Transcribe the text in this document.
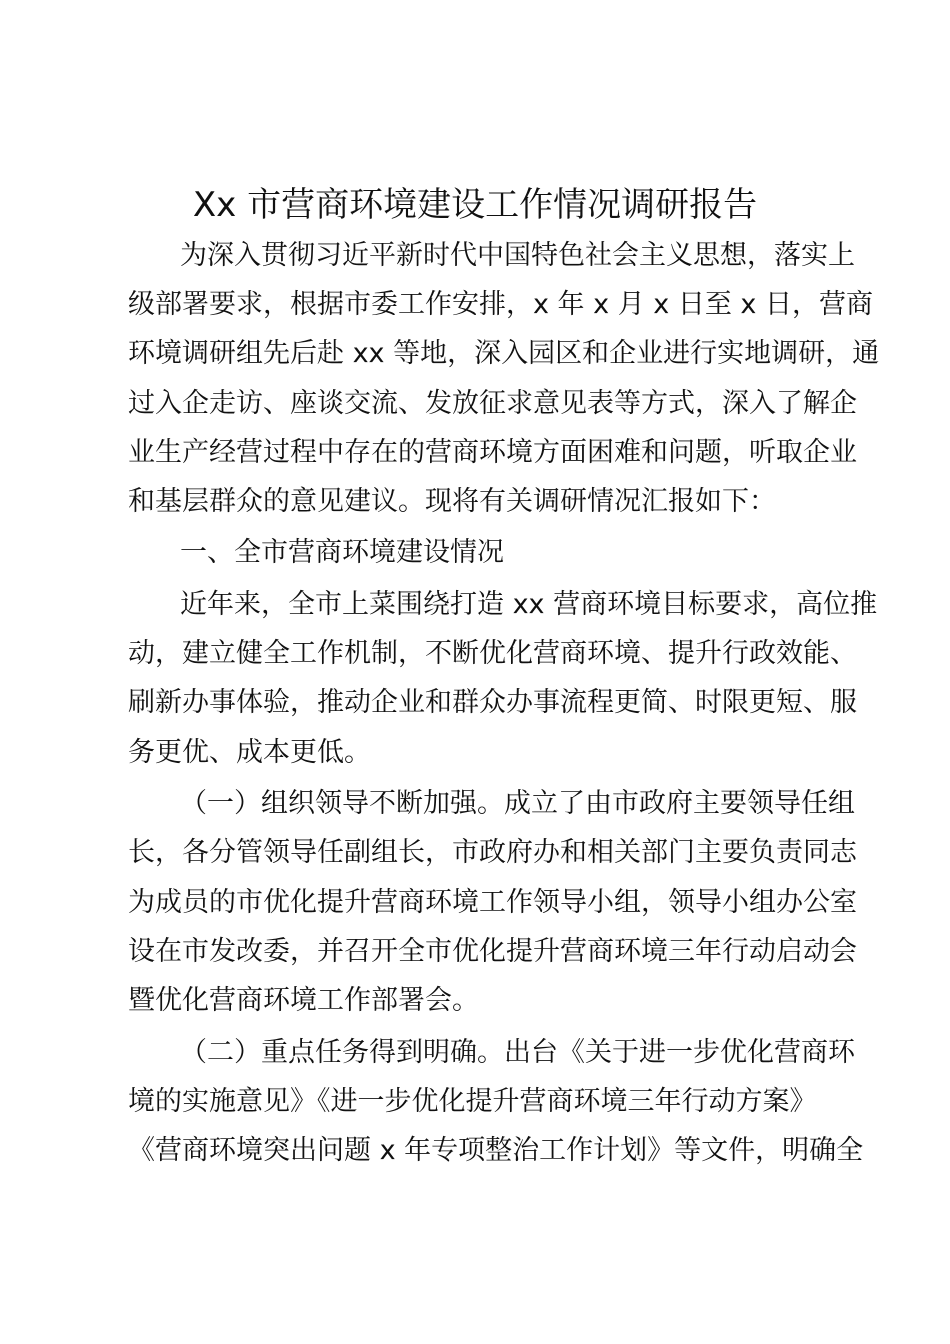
Xx 市营商环境建设工作情况调研报告
为深入贯彻习近平新时代中国特色社会主义思想，落实上
级部署要求，根据市委工作安排，x 年 x 月 x 日至 x 日，营商
环境调研组先后赴 xx 等地，深入园区和企业进行实地调研，通
过入企走访、座谈交流、发放征求意见表等方式，深入了解企
业生产经营过程中存在的营商环境方面困难和问题，听取企业
和基层群众的意见建议。现将有关调研情况汇报如下：
一、全市营商环境建设情况
近年来，全市上菜围绕打造 xx 营商环境目标要求，高位推
动，建立健全工作机制，不断优化营商环境、提升行政效能、
刷新办事体验，推动企业和群众办事流程更简、时限更短、服
务更优、成本更低。
（一）组织领导不断加强。成立了由市政府主要领导任组
长，各分管领导任副组长，市政府办和相关部门主要负责同志
为成员的市优化提升营商环境工作领导小组，领导小组办公室
设在市发改委，并召开全市优化提升营商环境三年行动启动会
暨优化营商环境工作部署会。
（二）重点任务得到明确。出台《关于进一步优化营商环
境的实施意见》《进一步优化提升营商环境三年行动方案》
《营商环境突出问题 x 年专项整治工作计划》等文件，明确全
